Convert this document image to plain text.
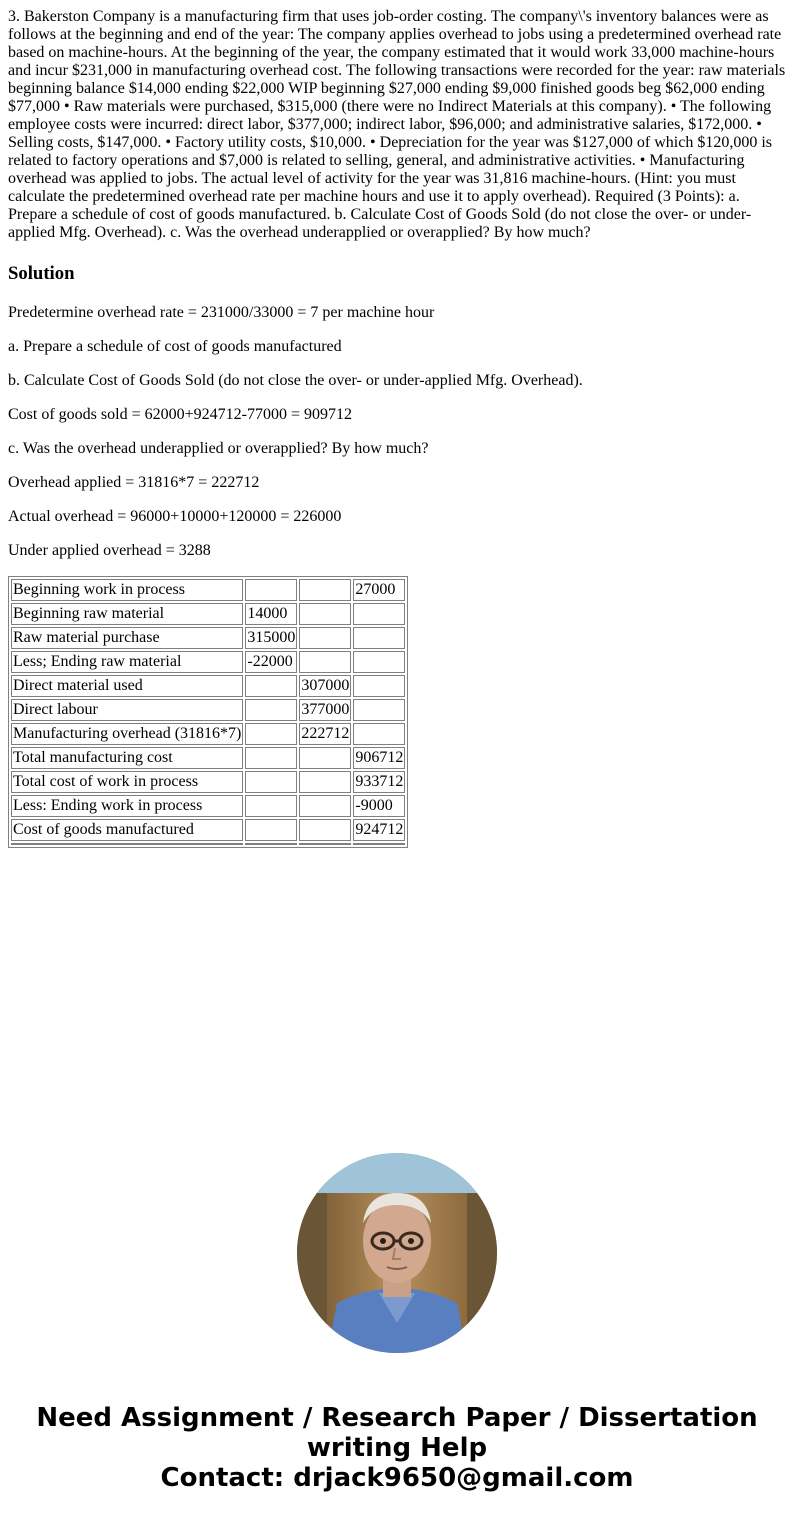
3. Bakerston Company is a manufacturing firm that uses job-order costing. The company\'s inventory balances were as follows at the beginning and end of the year: The company applies overhead to jobs using a predetermined overhead rate based on machine-hours. At the beginning of the year, the company estimated that it would work 33,000 machine-hours and incur $231,000 in manufacturing overhead cost. The following transactions were recorded for the year: raw materials beginning balance $14,000 ending $22,000 WIP beginning $27,000 ending $9,000 finished goods beg $62,000 ending $77,000 • Raw materials were purchased, $315,000 (there were no Indirect Materials at this company). • The following employee costs were incurred: direct labor, $377,000; indirect labor, $96,000; and administrative salaries, $172,000. • Selling costs, $147,000. • Factory utility costs, $10,000. • Depreciation for the year was $127,000 of which $120,000 is related to factory operations and $7,000 is related to selling, general, and administrative activities. • Manufacturing overhead was applied to jobs. The actual level of activity for the year was 31,816 machine-hours. (Hint: you must calculate the predetermined overhead rate per machine hours and use it to apply overhead). Required (3 Points): a. Prepare a schedule of cost of goods manufactured. b. Calculate Cost of Goods Sold (do not close the over- or under-applied Mfg. Overhead). c. Was the overhead underapplied or overapplied? By how much?

Solution

Predetermine overhead rate = 231000/33000 = 7 per machine hour

a. Prepare a schedule of cost of goods manufactured

b. Calculate Cost of Goods Sold (do not close the over- or under-applied Mfg. Overhead).

Cost of goods sold = 62000+924712-77000 = 909712

c. Was the overhead underapplied or overapplied? By how much?

Overhead applied = 31816*7 = 222712

Actual overhead = 96000+10000+120000 = 226000

Under applied overhead = 3288

Beginning work in process			27000
Beginning raw material	14000		
Raw material purchase	315000		
Less; Ending raw material	-22000		
Direct material used		307000	
Direct labour		377000	
Manufacturing overhead (31816*7)		222712	
Total manufacturing cost			906712
Total cost of work in process			933712
Less: Ending work in process			-9000
Cost of goods manufactured			924712

Need Assignment / Research Paper / Dissertation
writing Help
Contact: drjack9650@gmail.com
